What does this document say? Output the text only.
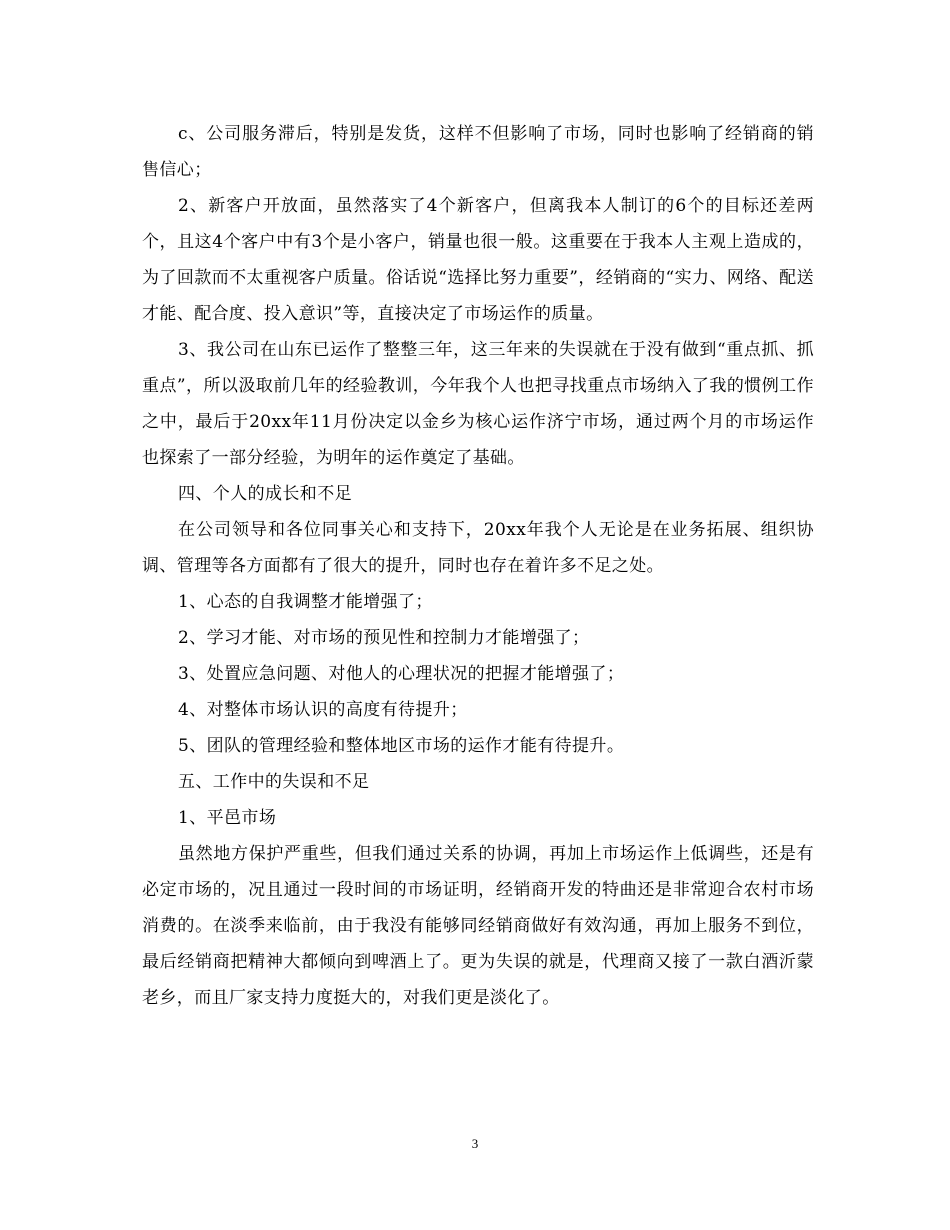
c、公司服务滞后，特别是发货，这样不但影响了市场，同时也影响了经销商的销售信心；

2、新客户开放面，虽然落实了4个新客户，但离我本人制订的6个的目标还差两个，且这4个客户中有3个是小客户，销量也很一般。这重要在于我本人主观上造成的，为了回款而不太重视客户质量。俗话说“选择比努力重要”，经销商的“实力、网络、配送才能、配合度、投入意识”等，直接决定了市场运作的质量。

3、我公司在山东已运作了整整三年，这三年来的失误就在于没有做到“重点抓、抓重点”，所以汲取前几年的经验教训，今年我个人也把寻找重点市场纳入了我的惯例工作之中，最后于20xx年11月份决定以金乡为核心运作济宁市场，通过两个月的市场运作也探索了一部分经验，为明年的运作奠定了基础。

四、个人的成长和不足

在公司领导和各位同事关心和支持下，20xx年我个人无论是在业务拓展、组织协调、管理等各方面都有了很大的提升，同时也存在着许多不足之处。

1、心态的自我调整才能增强了；

2、学习才能、对市场的预见性和控制力才能增强了；

3、处置应急问题、对他人的心理状况的把握才能增强了；

4、对整体市场认识的高度有待提升；

5、团队的管理经验和整体地区市场的运作才能有待提升。

五、工作中的失误和不足

1、平邑市场

虽然地方保护严重些，但我们通过关系的协调，再加上市场运作上低调些，还是有必定市场的，况且通过一段时间的市场证明，经销商开发的特曲还是非常迎合农村市场消费的。在淡季来临前，由于我没有能够同经销商做好有效沟通，再加上服务不到位，最后经销商把精神大都倾向到啤酒上了。更为失误的就是，代理商又接了一款白酒沂蒙老乡，而且厂家支持力度挺大的，对我们更是淡化了。

3
